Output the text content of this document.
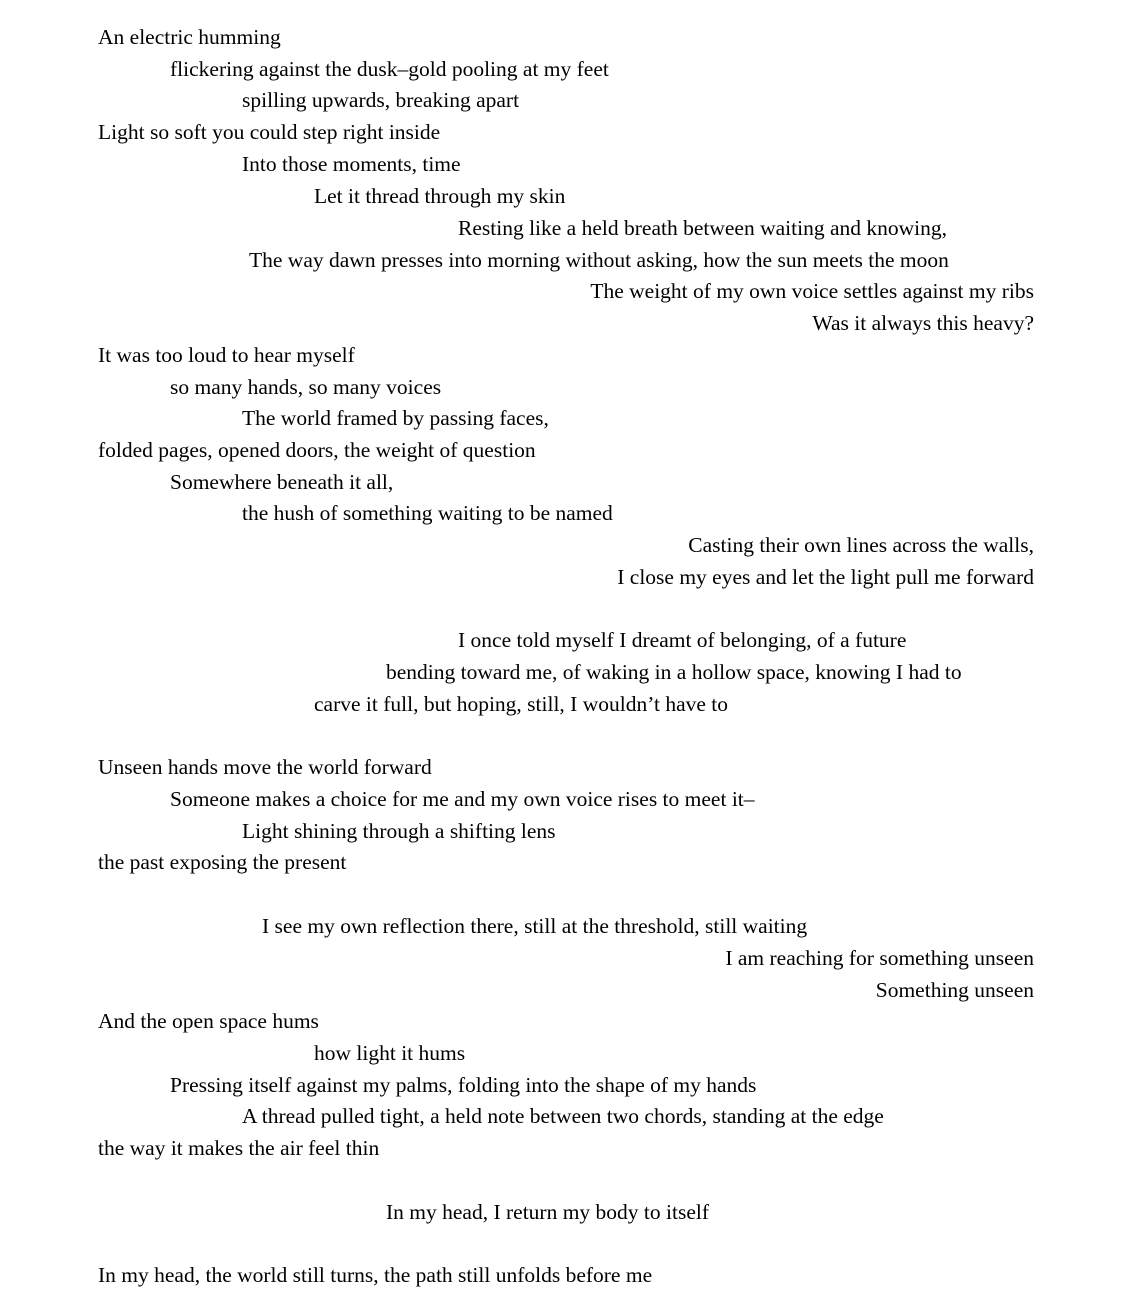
An electric humming
flickering against the dusk–gold pooling at my feet
spilling upwards, breaking apart
Light so soft you could step right inside
Into those moments, time
Let it thread through my skin
Resting like a held breath between waiting and knowing,
The way dawn presses into morning without asking, how the sun meets the moon
The weight of my own voice settles against my ribs
Was it always this heavy?
It was too loud to hear myself
so many hands, so many voices
The world framed by passing faces,
folded pages, opened doors, the weight of question
Somewhere beneath it all,
the hush of something waiting to be named
Casting their own lines across the walls,
I close my eyes and let the light pull me forward
I once told myself I dreamt of belonging, of a future
bending toward me, of waking in a hollow space, knowing I had to
carve it full, but hoping, still, I wouldn’t have to
Unseen hands move the world forward
Someone makes a choice for me and my own voice rises to meet it–
Light shining through a shifting lens
the past exposing the present
I see my own reflection there, still at the threshold, still waiting
I am reaching for something unseen
Something unseen
And the open space hums
how light it hums
Pressing itself against my palms, folding into the shape of my hands
A thread pulled tight, a held note between two chords, standing at the edge
the way it makes the air feel thin
In my head, I return my body to itself
In my head, the world still turns, the path still unfolds before me
